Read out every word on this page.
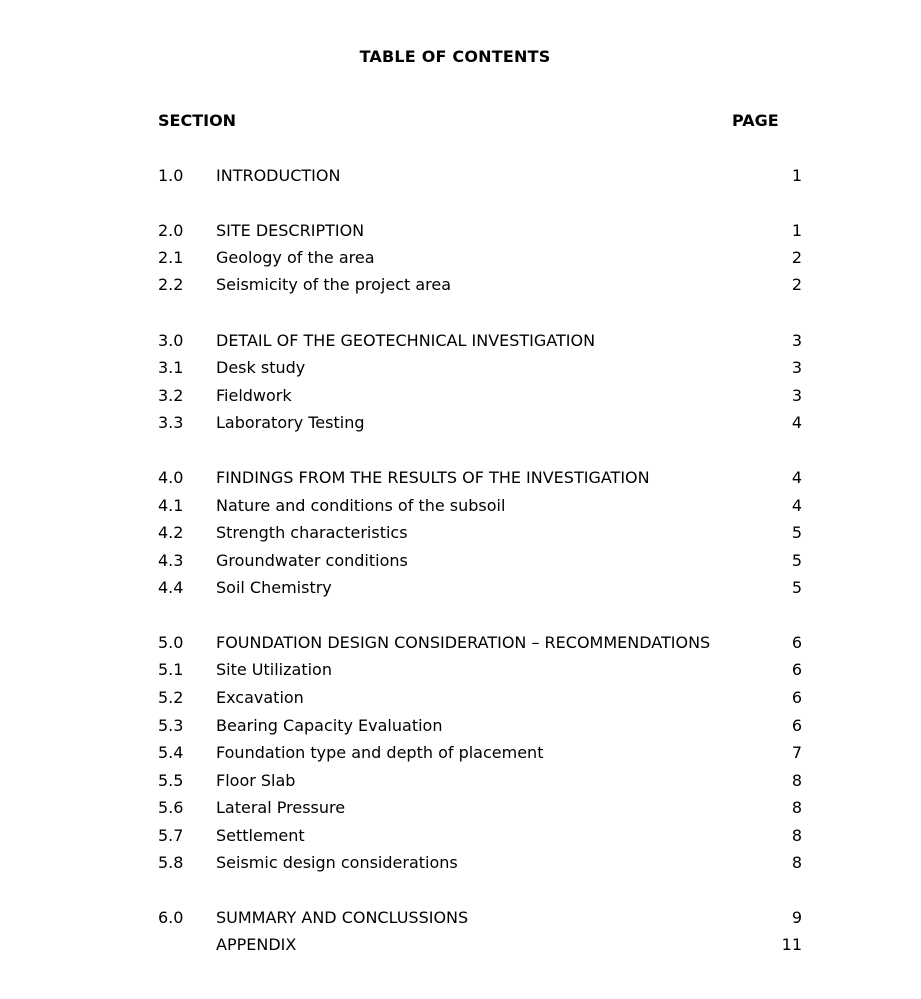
TABLE OF CONTENTS
SECTION	PAGE
1.0 INTRODUCTION	1
2.0 SITE DESCRIPTION	1
2.1 Geology of the area	2
2.2 Seismicity of the project area	2
3.0 DETAIL OF THE GEOTECHNICAL INVESTIGATION	3
3.1 Desk study	3
3.2 Fieldwork	3
3.3 Laboratory Testing	4
4.0 FINDINGS FROM THE RESULTS OF THE INVESTIGATION	4
4.1 Nature and conditions of the subsoil	4
4.2 Strength characteristics	5
4.3 Groundwater conditions	5
4.4 Soil Chemistry	5
5.0 FOUNDATION DESIGN CONSIDERATION – RECOMMENDATIONS	6
5.1 Site Utilization	6
5.2 Excavation	6
5.3 Bearing Capacity Evaluation	6
5.4 Foundation type and depth of placement	7
5.5 Floor Slab	8
5.6 Lateral Pressure	8
5.7 Settlement	8
5.8 Seismic design considerations	8
6.0 SUMMARY AND CONCLUSSIONS	9
APPENDIX	11
